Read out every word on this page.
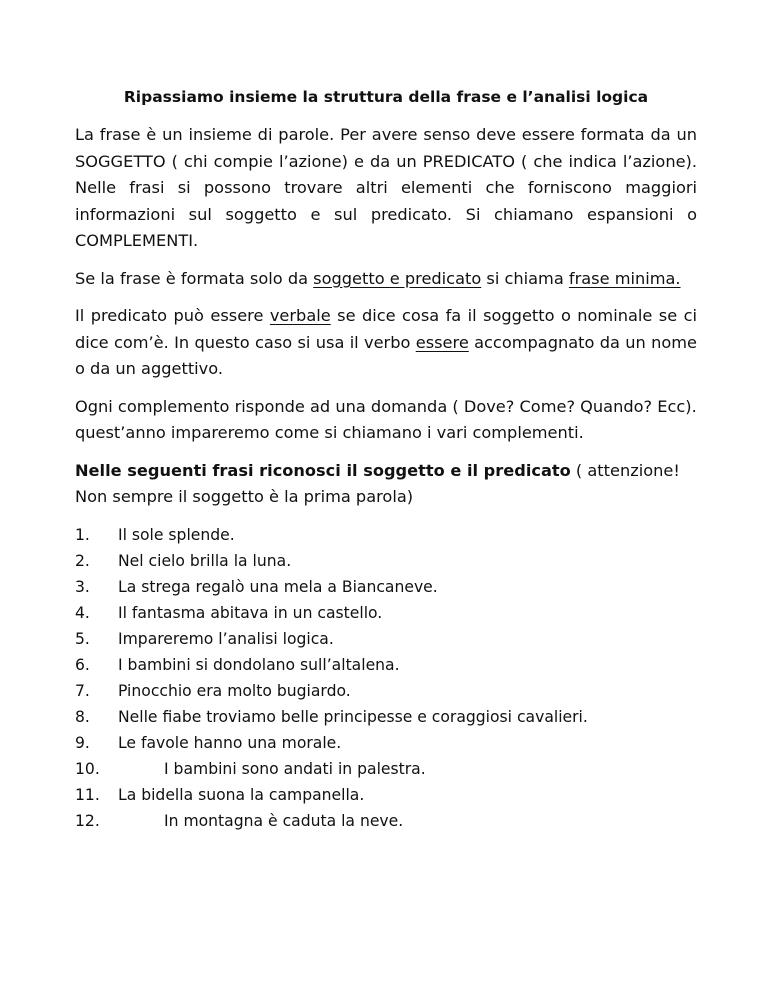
Ripassiamo insieme la struttura della frase e l’analisi logica

La frase è un insieme di parole. Per avere senso deve essere formata da un SOGGETTO ( chi compie l’azione) e da un PREDICATO ( che indica l’azione). Nelle frasi si possono trovare altri elementi che forniscono maggiori informazioni sul soggetto e sul predicato. Si chiamano espansioni o COMPLEMENTI.

Se la frase è formata solo da soggetto e predicato si chiama frase minima.

Il predicato può essere verbale se dice cosa fa il soggetto o nominale se ci dice com’è. In questo caso si usa il verbo essere accompagnato da un nome o da un aggettivo.

Ogni complemento risponde ad una domanda ( Dove? Come? Quando? Ecc). quest’anno impareremo come si chiamano i vari complementi.

Nelle seguenti frasi riconosci il soggetto e il predicato ( attenzione! Non sempre il soggetto è la prima parola)

1. Il sole splende.
2. Nel cielo brilla la luna.
3. La strega regalò una mela a Biancaneve.
4. Il fantasma abitava in un castello.
5. Impareremo l’analisi logica.
6. I bambini si dondolano sull’altalena.
7. Pinocchio era molto bugiardo.
8. Nelle fiabe troviamo belle principesse e coraggiosi cavalieri.
9. Le favole hanno una morale.
10.	I bambini sono andati in palestra.
11. La bidella suona la campanella.
12.	In montagna è caduta la neve.
